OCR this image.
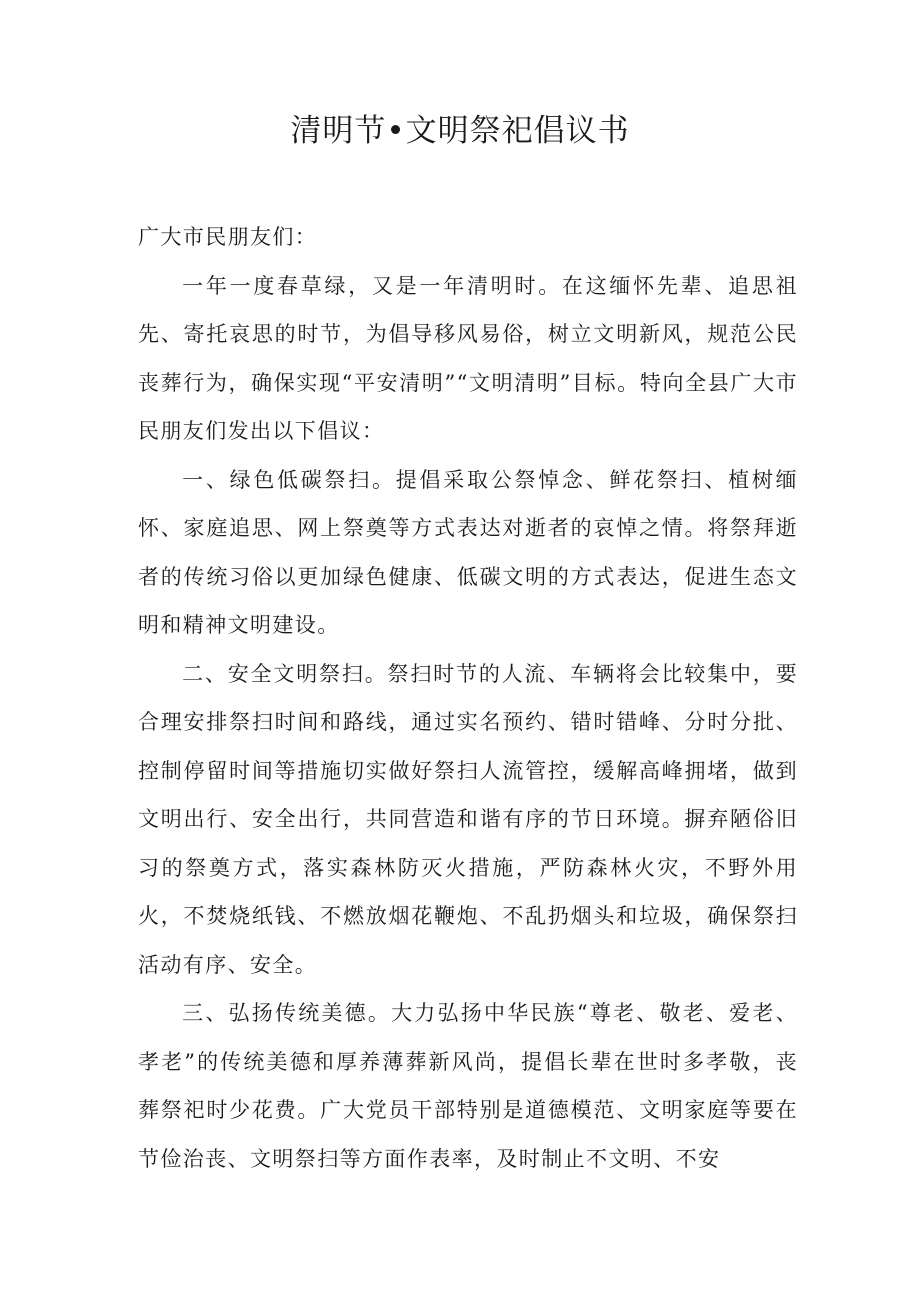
清明节•文明祭祀倡议书

广大市民朋友们：

一年一度春草绿，又是一年清明时。在这缅怀先辈、追思祖先、寄托哀思的时节，为倡导移风易俗，树立文明新风，规范公民丧葬行为，确保实现“平安清明”“文明清明”目标。特向全县广大市民朋友们发出以下倡议：

一、绿色低碳祭扫。提倡采取公祭悼念、鲜花祭扫、植树缅怀、家庭追思、网上祭奠等方式表达对逝者的哀悼之情。将祭拜逝者的传统习俗以更加绿色健康、低碳文明的方式表达，促进生态文明和精神文明建设。

二、安全文明祭扫。祭扫时节的人流、车辆将会比较集中，要合理安排祭扫时间和路线，通过实名预约、错时错峰、分时分批、控制停留时间等措施切实做好祭扫人流管控，缓解高峰拥堵，做到文明出行、安全出行，共同营造和谐有序的节日环境。摒弃陋俗旧习的祭奠方式，落实森林防灭火措施，严防森林火灾，不野外用火，不焚烧纸钱、不燃放烟花鞭炮、不乱扔烟头和垃圾，确保祭扫活动有序、安全。

三、弘扬传统美德。大力弘扬中华民族“尊老、敬老、爱老、孝老”的传统美德和厚养薄葬新风尚，提倡长辈在世时多孝敬，丧葬祭祀时少花费。广大党员干部特别是道德模范、文明家庭等要在节俭治丧、文明祭扫等方面作表率，及时制止不文明、不安
